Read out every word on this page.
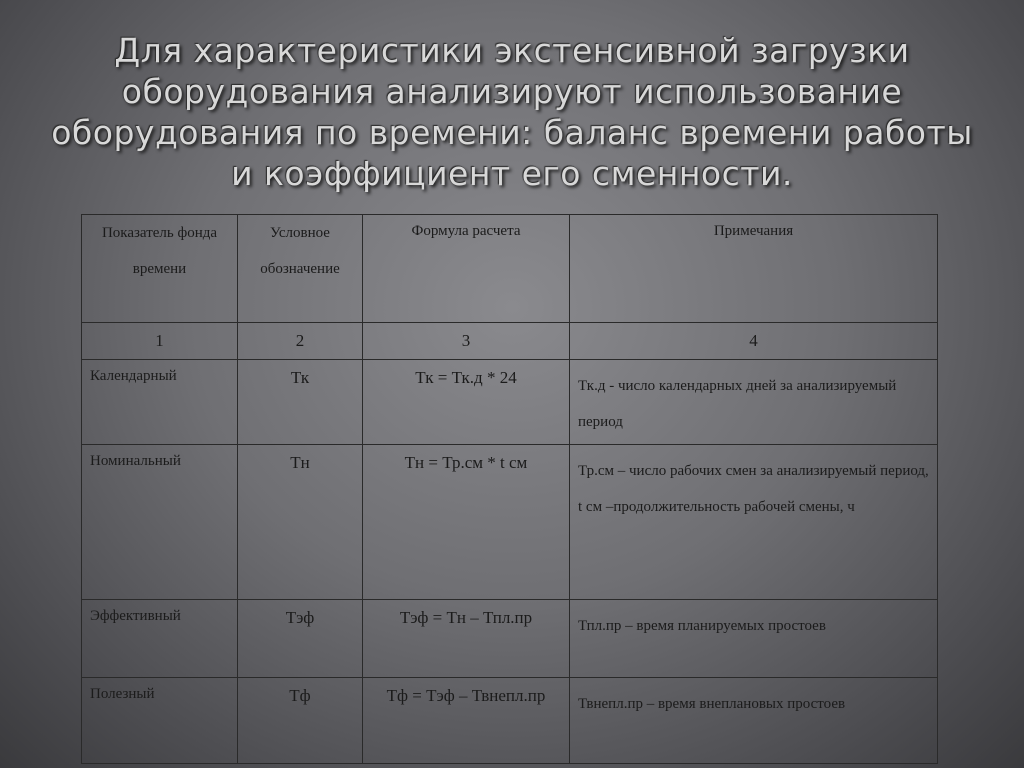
Для характеристики экстенсивной загрузки
оборудования анализируют использование
оборудования по времени: баланс времени работы
и коэффициент его сменности.
Показатель фонда времени	Условное обозначение	Формула расчета	Примечания
1	2	3	4
Календарный	Тк	Тк = Тк.д * 24	Тк.д - число календарных дней за анализируемый период
Номинальный	Тн	Тн = Тр.см * t см	Тр.см – число рабочих смен за анализируемый период, t см –продолжительность рабочей смены, ч
Эффективный	Тэф	Тэф = Тн – Тпл.пр	Тпл.пр – время планируемых простоев
Полезный	Тф	Тф = Тэф – Твнепл.пр	Твнепл.пр – время внеплановых простоев
